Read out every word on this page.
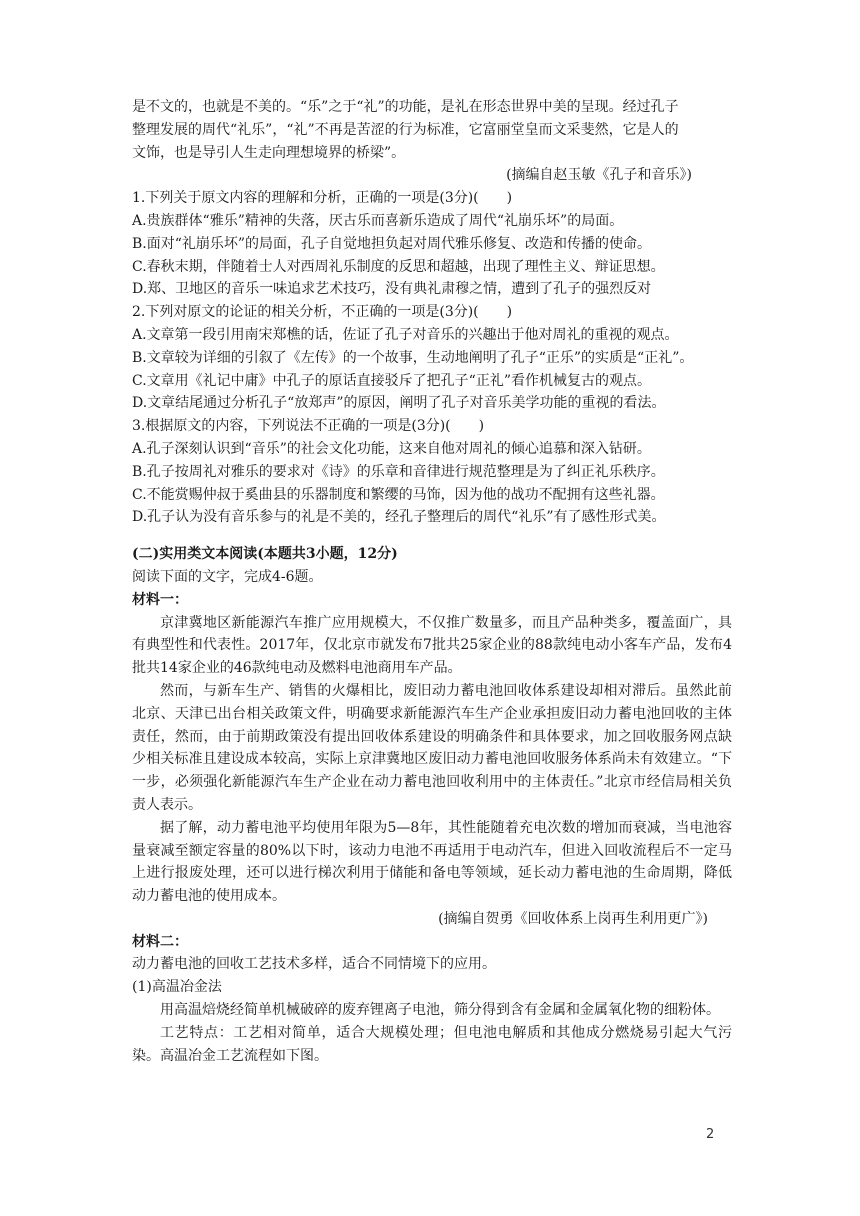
是不文的，也就是不美的。“乐”之于“礼”的功能，是礼在形态世界中美的呈现。经过孔子

整理发展的周代“礼乐”，“礼”不再是苦涩的行为标准，它富丽堂皇而文采斐然，它是人的

文饰，也是导引人生走向理想境界的桥梁”。

(摘编自赵玉敏《孔子和音乐》)

1.下列关于原文内容的理解和分析，正确的一项是(3分)(　　)

A.贵族群体“雅乐”精神的失落，厌古乐而喜新乐造成了周代“礼崩乐坏”的局面。

B.面对“礼崩乐坏”的局面，孔子自觉地担负起对周代雅乐修复、改造和传播的使命。

C.春秋末期，伴随着士人对西周礼乐制度的反思和超越，出现了理性主义、辩证思想。

D.郑、卫地区的音乐一味追求艺术技巧，没有典礼肃穆之情，遭到了孔子的强烈反对

2.下列对原文的论证的相关分析，不正确的一项是(3分)(　　)

A.文章第一段引用南宋郑樵的话，佐证了孔子对音乐的兴趣出于他对周礼的重视的观点。

B.文章较为详细的引叙了《左传》的一个故事，生动地阐明了孔子“正乐”的实质是“正礼”。

C.文章用《礼记中庸》中孔子的原话直接驳斥了把孔子“正礼”看作机械复古的观点。

D.文章结尾通过分析孔子“放郑声”的原因，阐明了孔子对音乐美学功能的重视的看法。

3.根据原文的内容，下列说法不正确的一项是(3分)(　　)

A.孔子深刻认识到“音乐”的社会文化功能，这来自他对周礼的倾心追慕和深入钻研。

B.孔子按周礼对雅乐的要求对《诗》的乐章和音律进行规范整理是为了纠正礼乐秩序。

C.不能赏赐仲叔于奚曲县的乐器制度和繁缨的马饰，因为他的战功不配拥有这些礼器。

D.孔子认为没有音乐参与的礼是不美的，经孔子整理后的周代“礼乐”有了感性形式美。

(二)实用类文本阅读(本题共3小题，12分)

阅读下面的文字，完成4-6题。

材料一：

京津冀地区新能源汽车推广应用规模大，不仅推广数量多，而且产品种类多，覆盖面广，具有典型性和代表性。2017年，仅北京市就发布7批共25家企业的88款纯电动小客车产品，发布4批共14家企业的46款纯电动及燃料电池商用车产品。

然而，与新车生产、销售的火爆相比，废旧动力蓄电池回收体系建设却相对滞后。虽然此前北京、天津已出台相关政策文件，明确要求新能源汽车生产企业承担废旧动力蓄电池回收的主体责任，然而，由于前期政策没有提出回收体系建设的明确条件和具体要求，加之回收服务网点缺少相关标准且建设成本较高，实际上京津冀地区废旧动力蓄电池回收服务体系尚未有效建立。“下一步，必须强化新能源汽车生产企业在动力蓄电池回收利用中的主体责任。”北京市经信局相关负责人表示。

据了解，动力蓄电池平均使用年限为5—8年，其性能随着充电次数的增加而衰减，当电池容量衰减至额定容量的80%以下时，该动力电池不再适用于电动汽车，但进入回收流程后不一定马上进行报废处理，还可以进行梯次利用于储能和备电等领域，延长动力蓄电池的生命周期，降低动力蓄电池的使用成本。

(摘编自贺勇《回收体系上岗再生利用更广》)

材料二：

动力蓄电池的回收工艺技术多样，适合不同情境下的应用。

(1)高温冶金法

用高温焙烧经简单机械破碎的废弃锂离子电池，筛分得到含有金属和金属氧化物的细粉体。

工艺特点：工艺相对简单，适合大规模处理；但电池电解质和其他成分燃烧易引起大气污染。高温冶金工艺流程如下图。

2
